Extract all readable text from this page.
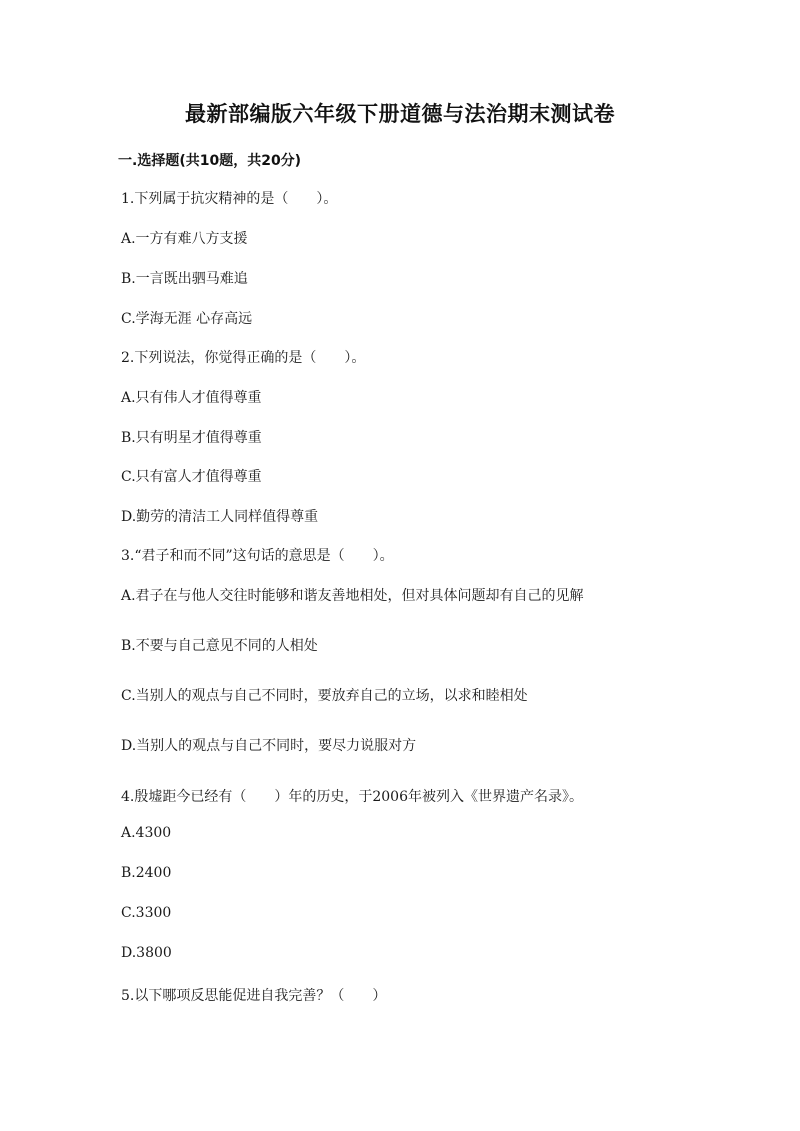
最新部编版六年级下册道德与法治期末测试卷
一.选择题(共10题，共20分)
1.下列属于抗灾精神的是（　　）。
A.一方有难八方支援
B.一言既出驷马难追
C.学海无涯 心存高远
2.下列说法，你觉得正确的是（　　）。
A.只有伟人才值得尊重
B.只有明星才值得尊重
C.只有富人才值得尊重
D.勤劳的清洁工人同样值得尊重
3.“君子和而不同”这句话的意思是（　　）。
A.君子在与他人交往时能够和谐友善地相处，但对具体问题却有自己的见解
B.不要与自己意见不同的人相处
C.当别人的观点与自己不同时，要放弃自己的立场，以求和睦相处
D.当别人的观点与自己不同时，要尽力说服对方
4.殷墟距今已经有（　　）年的历史，于2006年被列入《世界遗产名录》。
A.4300
B.2400
C.3300
D.3800
5.以下哪项反思能促进自我完善？（　　）
